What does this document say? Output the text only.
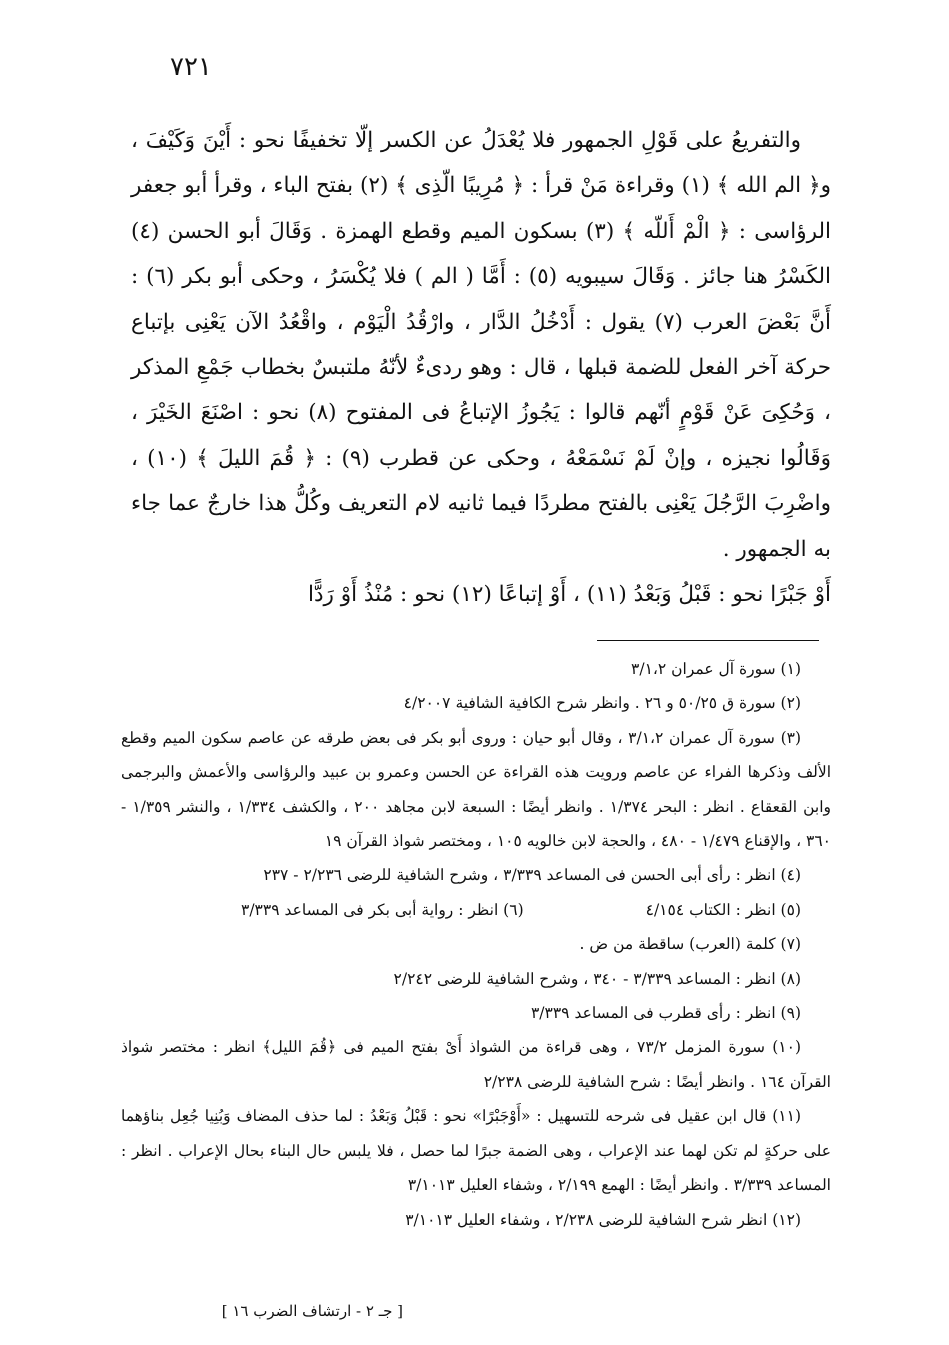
٧٢١

والتفريعُ على قَوْلِ الجمهور فلا يُعْدَلُ عن الكسر إلّا تخفيفًا نحو : أَيْنَ وَكَيْفَ ، و﴿ الم الله ﴾ (١) وقراءة مَنْ قرأ : ﴿ مُرِيبًا الّذِى ﴾ (٢) بفتح الباء ، وقرأ أبو جعفر الرؤاسى : ﴿ الْمْ أَللّه ﴾ (٣) بسكون الميم وقطع الهمزة . وَقَالَ أبو الحسن (٤) الكَسْرُ هنا جائز . وَقَالَ سيبويه (٥) : أَمَّا ( الم ) فلا يُكْسَرُ ، وحكى أبو بكر (٦) : أَنَّ بَعْضَ العرب (٧) يقول : أَدْخُلُ الدَّار ، وارْقُدُ الْيَوْم ، واقْعُدُ الآن يَعْنِى بإتباع حركة آخر الفعل للضمة قبلها ، قال : وهو ردىءٌ لأنّهُ ملتبسٌ بخطاب جَمْعِ المذكر ، وَحُكِىَ عَنْ قَوْمٍ أنّهم قالوا : يَجُوزُ الإتباعُ فى المفتوح (٨) نحو : اصْنَعَ الخَيْرَ ، وَقَالُوا نجيزه ، وإنْ لَمْ نَسْمَعْهُ ، وحكى عن قطرب (٩) : ﴿ قُمَ الليلَ ﴾ (١٠) ، واضْرِبَ الرَّجُلَ يَعْنِى بالفتح مطردًا فيما ثانيه لام التعريف وكُلُّ هذا خارجٌ عما جاء به الجمهور .

أَوْ جَبْرًا نحو : قَبْلُ وَبَعْدُ (١١) ، أَوْ إتباعًا (١٢) نحو : مُنْذُ أَوْ رَدًّا

(١) سورة آل عمران ٣/١،٢

(٢) سورة ق ٥٠/٢٥ و ٢٦ . وانظر شرح الكافية الشافية ٤/٢٠٠٧

(٣) سورة آل عمران ٣/١،٢ ، وقال أبو حيان : وروى أبو بكر فى بعض طرقه عن عاصم سكون الميم وقطع الألف وذكرها الفراء عن عاصم ورويت هذه القراءة عن الحسن وعمرو بن عبيد والرؤاسى والأعمش والبرجمى وابن القعقاع . انظر : البحر ١/٣٧٤ . وانظر أيضًا : السبعة لابن مجاهد ٢٠٠ ، والكشف ١/٣٣٤ ، والنشر ١/٣٥٩ - ٣٦٠ ، والإقناع ١/٤٧٩ - ٤٨٠ ، والحجة لابن خالويه ١٠٥ ، ومختصر شواذ القرآن ١٩

(٤) انظر : رأى أبى الحسن فى المساعد ٣/٣٣٩ ، وشرح الشافية للرضى ٢/٢٣٦ - ٢٣٧

(٥) انظر : الكتاب ٤/١٥٤
(٦) انظر : رواية أبى بكر فى المساعد ٣/٣٣٩

(٧) كلمة (العرب) ساقطة من ض .

(٨) انظر : المساعد ٣/٣٣٩ - ٣٤٠ ، وشرح الشافية للرضى ٢/٢٤٢

(٩) انظر : رأى قطرب فى المساعد ٣/٣٣٩

(١٠) سورة المزمل ٧٣/٢ ، وهى قراءة من الشواذ أَىْ بفتح الميم فى ﴿قُمَ الليل﴾ انظر : مختصر شواذ القرآن ١٦٤ . وانظر أيضًا : شرح الشافية للرضى ٢/٢٣٨

(١١) قال ابن عقيل فى شرحه للتسهيل : «أَوْجَبْرًا» نحو : قَبْلُ وَبَعْدُ : لما حذف المضاف وَبُنِيا جُعِل بناؤهما على حركةٍ لم تكن لهما عند الإعراب ، وهى الضمة جبرًا لما حصل ، فلا يلبس حال البناء بحال الإعراب . انظر : المساعد ٣/٣٣٩ . وانظر أيضًا : الهمع ٢/١٩٩ ، وشفاء العليل ٣/١٠١٣

(١٢) انظر شرح الشافية للرضى ٢/٢٣٨ ، وشفاء العليل ٣/١٠١٣

[ جـ ٢ - ارتشاف الضرب ١٦ ]
